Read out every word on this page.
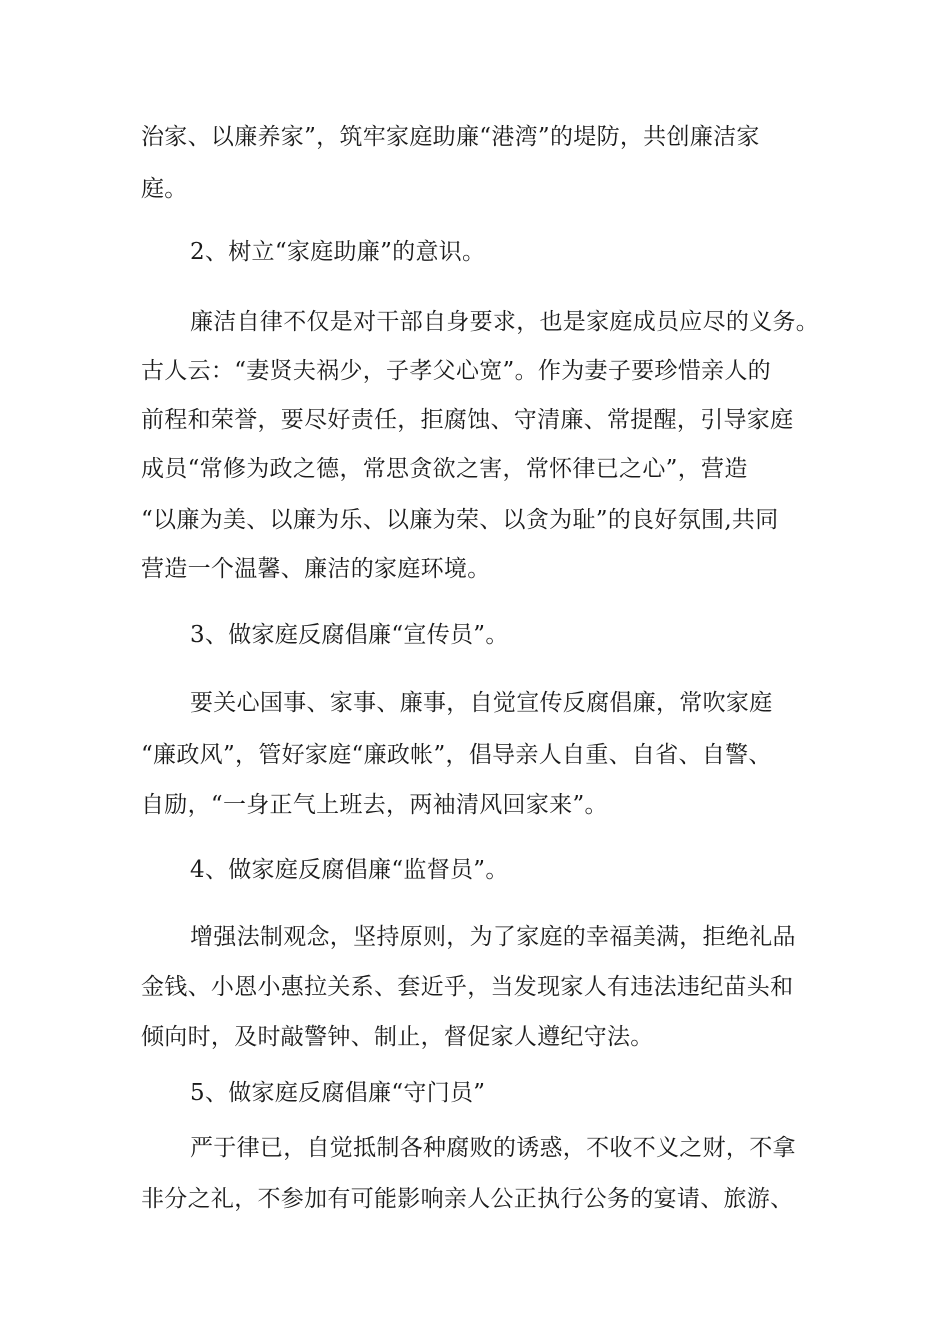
治家、以廉养家”，筑牢家庭助廉“港湾”的堤防，共创廉洁家
庭。
2、树立“家庭助廉”的意识。
廉洁自律不仅是对干部自身要求，也是家庭成员应尽的义务。
古人云：“妻贤夫祸少，子孝父心宽”。作为妻子要珍惜亲人的
前程和荣誉，要尽好责任，拒腐蚀、守清廉、常提醒，引导家庭
成员“常修为政之德，常思贪欲之害，常怀律已之心”，营造
“以廉为美、以廉为乐、以廉为荣、以贪为耻”的良好氛围,共同
营造一个温馨、廉洁的家庭环境。
3、做家庭反腐倡廉“宣传员”。
要关心国事、家事、廉事，自觉宣传反腐倡廉，常吹家庭
“廉政风”，管好家庭“廉政帐”，倡导亲人自重、自省、自警、
自励，“一身正气上班去，两袖清风回家来”。
4、做家庭反腐倡廉“监督员”。
增强法制观念，坚持原则，为了家庭的幸福美满，拒绝礼品
金钱、小恩小惠拉关系、套近乎，当发现家人有违法违纪苗头和
倾向时，及时敲警钟、制止，督促家人遵纪守法。
5、做家庭反腐倡廉“守门员”
严于律已，自觉抵制各种腐败的诱惑，不收不义之财，不拿
非分之礼，不参加有可能影响亲人公正执行公务的宴请、旅游、
